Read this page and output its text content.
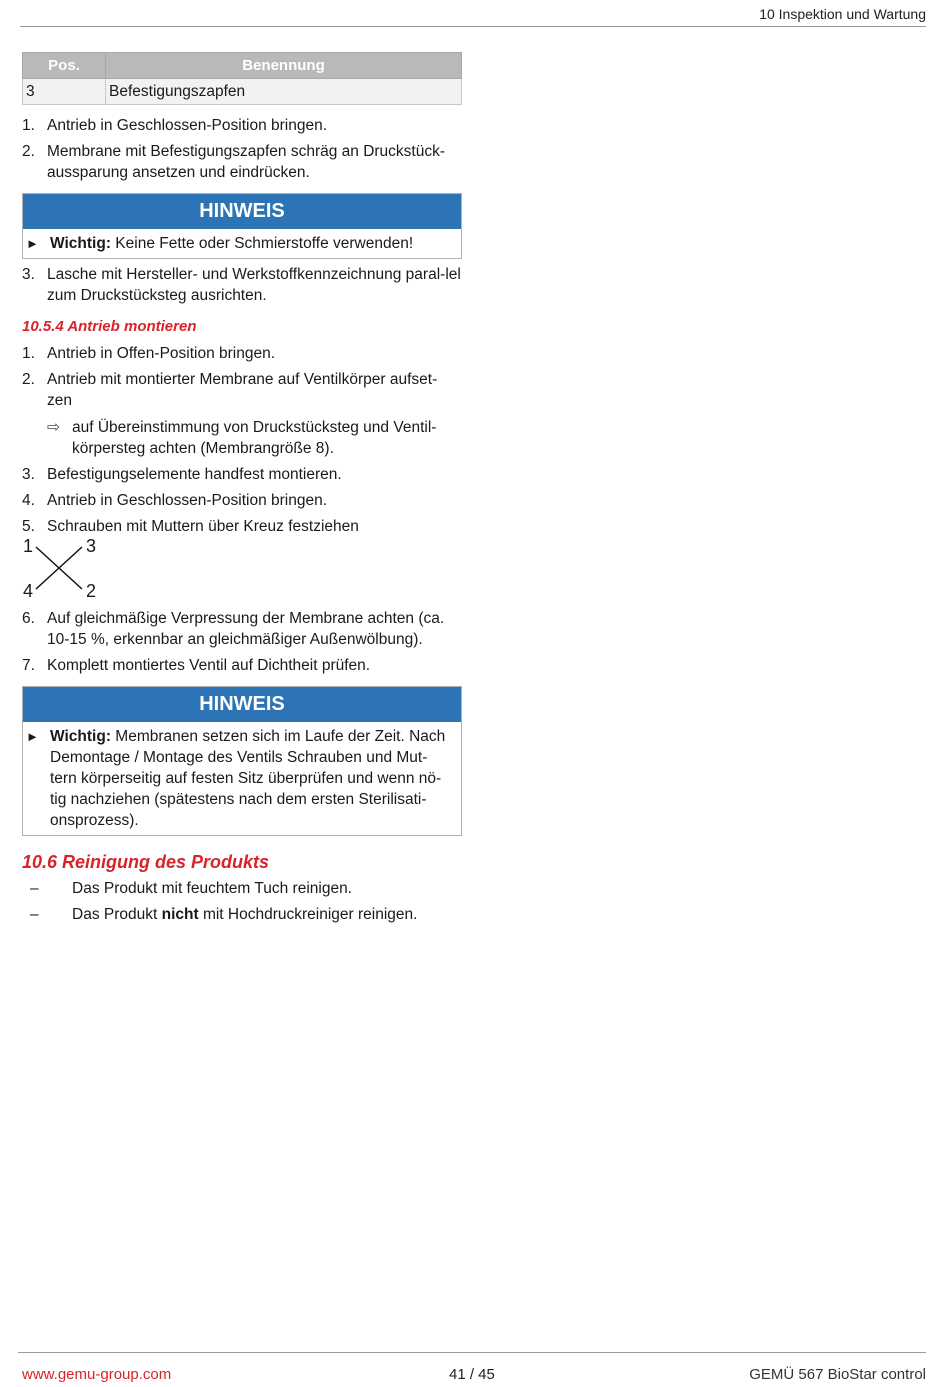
10 Inspektion und Wartung
Pos.	Benennung
3	Befestigungszapfen
1. Antrieb in Geschlossen-Position bringen.
2. Membrane mit Befestigungszapfen schräg an Druckstück-aussparung ansetzen und eindrücken.
HINWEIS
► Wichtig: Keine Fette oder Schmierstoffe verwenden!
3. Lasche mit Hersteller- und Werkstoffkennzeichnung paral-lel zum Druckstücksteg ausrichten.
10.5.4 Antrieb montieren
1. Antrieb in Offen-Position bringen.
2. Antrieb mit montierter Membrane auf Ventilkörper aufset-zen
⇨ auf Übereinstimmung von Druckstücksteg und Ventil-körpersteg achten (Membrangröße 8).
3. Befestigungselemente handfest montieren.
4. Antrieb in Geschlossen-Position bringen.
5. Schrauben mit Muttern über Kreuz festziehen
1	3
4	2
6. Auf gleichmäßige Verpressung der Membrane achten (ca. 10-15 %, erkennbar an gleichmäßiger Außenwölbung).
7. Komplett montiertes Ventil auf Dichtheit prüfen.
HINWEIS
► Wichtig: Membranen setzen sich im Laufe der Zeit. Nach Demontage / Montage des Ventils Schrauben und Mut-tern körperseitig auf festen Sitz überprüfen und wenn nö-tig nachziehen (spätestens nach dem ersten Sterilisati-onsprozess).
10.6 Reinigung des Produkts
– Das Produkt mit feuchtem Tuch reinigen.
– Das Produkt nicht mit Hochdruckreiniger reinigen.
www.gemu-group.com	41 / 45	GEMÜ 567 BioStar control
